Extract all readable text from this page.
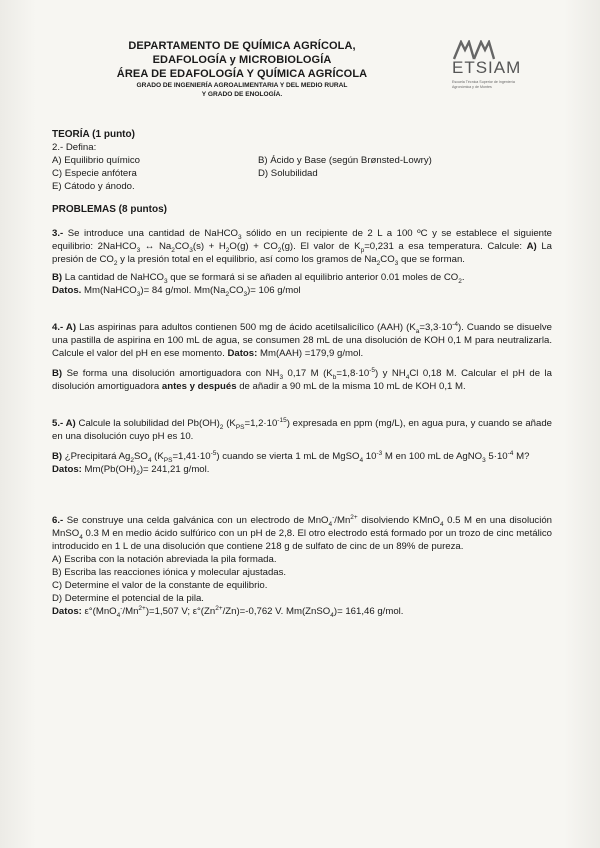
DEPARTAMENTO DE QUÍMICA AGRÍCOLA,
EDAFOLOGÍA y MICROBIOLOGÍA
ÁREA DE EDAFOLOGÍA Y QUÍMICA AGRÍCOLA
GRADO DE INGENIERÍA AGROALIMENTARIA Y DEL MEDIO RURAL
Y GRADO DE ENOLOGÍA.
ETSIAM
Escuela Técnica Superior de Ingeniería Agronómica y de Montes
TEORÍA (1 punto)
2.- Defina:
A) Equilibrio químico	B) Ácido y Base (según Brønsted-Lowry)
C) Especie anfótera	D) Solubilidad
E) Cátodo y ánodo.
PROBLEMAS (8 puntos)

3.- Se introduce una cantidad de NaHCO$_3$ sólido en un recipiente de 2 L a 100 ºC y se establece el siguiente equilibrio: 2NaHCO$_3$ ↔ $Na_2CO_3(s) + H_2O(g) + CO_2(g)$. El valor de $K_p=0,231$ a esa temperatura. Calcule: A) La presión de $CO_2$ y la presión total en el equilibrio, así como los gramos de $Na_2CO_3$ que se forman.

B) La cantidad de NaHCO$_3$ que se formará si se añaden al equilibrio anterior 0.01 moles de $CO_2$.

Datos. Mm(NaHCO$_3$)= 84 g/mol. $Mm(Na_2CO_3)= 106$ g/mol

4.- A) Las aspirinas para adultos contienen 500 mg de ácido acetilsalicílico (AAH) $(K_a=3,3\cdot 10^{-4})$. Cuando se disuelve una pastilla de aspirina en 100 mL de agua, se consumen 28 mL de una disolución de KOH 0,1 M para neutralizarla. Calcule el valor del pH en ese momento. Datos: Mm(AAH) =179,9 g/mol.

B) Se forma una disolución amortiguadora con $NH_3$ 0,17 M $(K_b=1,8\cdot 10^{-5})$ y $NH_4Cl$ 0,18 M. Calcular el pH de la disolución amortiguadora antes y después de añadir a 90 mL de la misma 10 mL de KOH 0,1 M.

5.- A) Calcule la solubilidad del $Pb(OH)_2$ $(K_{PS}=1,2\cdot 10^{-15})$ expresada en ppm (mg/L), en agua pura, y cuando se añade en una disolución cuyo pH es 10.

B) ¿Precipitará $Ag_2SO_4$ $(K_{PS}=1,41\cdot 10^{-5})$ cuando se vierta 1 mL de MgSO$_4$ $10^{-3}$ M en 100 mL de AgNO$_3$ $5\cdot 10^{-4}$ M?

Datos: $Mm(Pb(OH)_2)= 241,21$ g/mol.

6.- Se construye una celda galvánica con un electrodo de $MnO_4^-/Mn^{2+}$ disolviendo KMnO$_4$ 0.5 M en una disolución MnSO$_4$ 0.3 M en medio ácido sulfúrico con un pH de 2,8. El otro electrodo está formado por un trozo de cinc metálico introducido en 1 L de una disolución que contiene 218 g de sulfato de cinc de un 89% de pureza.

A) Escriba con la notación abreviada la pila formada.
B) Escriba las reacciones iónica y molecular ajustadas.
C) Determine el valor de la constante de equilibrio.
D) Determine el potencial de la pila.

Datos: $\varepsilon^\circ(MnO_4^-/Mn^{2+})=1,507$ V; $\varepsilon^\circ(Zn^{2+}/Zn)=-0,762$ V. Mm(ZnSO$_4$)= 161,46 g/mol.
